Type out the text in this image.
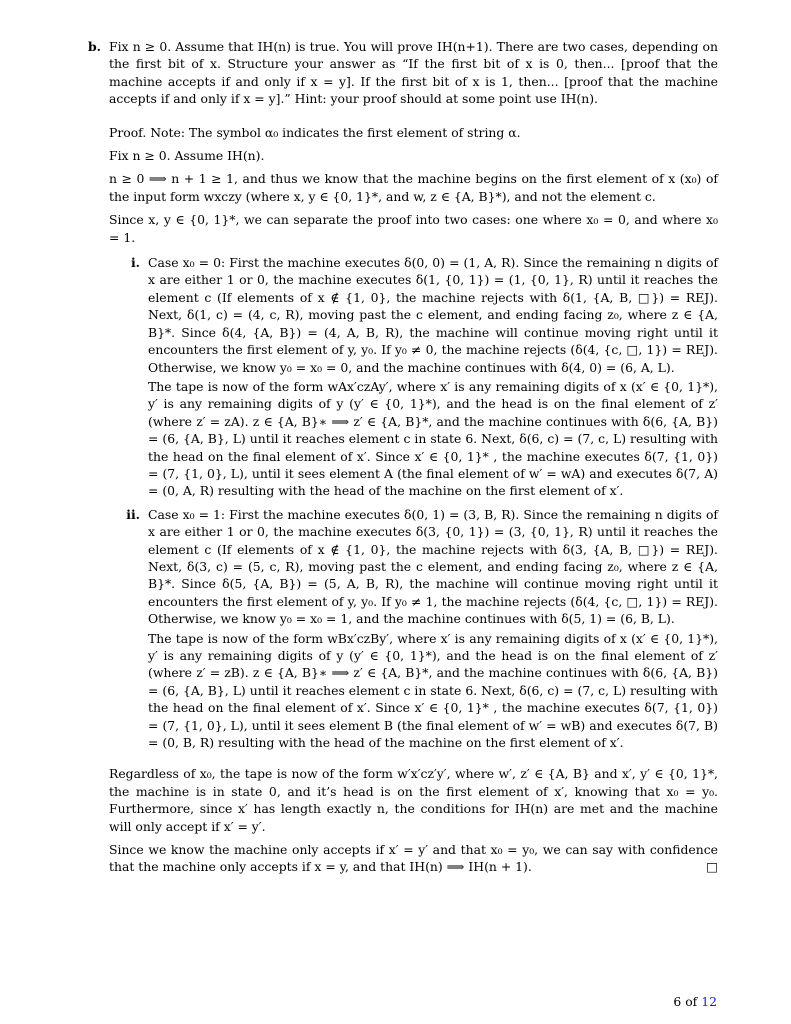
b. Fix n ≥ 0. Assume that IH(n) is true. You will prove IH(n+1). There are two cases, depending on the first bit of x. Structure your answer as “If the first bit of x is 0, then... [proof that the machine accepts if and only if x = y]. If the first bit of x is 1, then... [proof that the machine accepts if and only if x = y].” Hint: your proof should at some point use IH(n).

Proof. Note: The symbol α₀ indicates the first element of string α.

Fix n ≥ 0. Assume IH(n).

n ≥ 0 ⟹ n + 1 ≥ 1, and thus we know that the machine begins on the first element of x (x₀) of the input form wxczy (where x, y ∈ {0, 1}*, and w, z ∈ {A, B}*), and not the element c.

Since x, y ∈ {0, 1}*, we can separate the proof into two cases: one where x₀ = 0, and where x₀ = 1.

i. Case x₀ = 0: First the machine executes δ(0, 0) = (1, A, R). Since the remaining n digits of x are either 1 or 0, the machine executes δ(1, {0, 1}) = (1, {0, 1}, R) until it reaches the element c (If elements of x ∉ {1, 0}, the machine rejects with δ(1, {A, B, □}) = REJ). Next, δ(1, c) = (4, c, R), moving past the c element, and ending facing z₀, where z ∈ {A, B}*. Since δ(4, {A, B}) = (4, A, B, R), the machine will continue moving right until it encounters the first element of y, y₀. If y₀ ≠ 0, the machine rejects (δ(4, {c, □, 1}) = REJ). Otherwise, we know y₀ = x₀ = 0, and the machine continues with δ(4, 0) = (6, A, L).

The tape is now of the form wAx′czAy′, where x′ is any remaining digits of x (x′ ∈ {0, 1}*), y′ is any remaining digits of y (y′ ∈ {0, 1}*), and the head is on the final element of z′ (where z′ = zA). z ∈ {A, B}∗ ⟹ z′ ∈ {A, B}*, and the machine continues with δ(6, {A, B}) = (6, {A, B}, L) until it reaches element c in state 6. Next, δ(6, c) = (7, c, L) resulting with the head on the final element of x′. Since x′ ∈ {0, 1}* , the machine executes δ(7, {1, 0}) = (7, {1, 0}, L), until it sees element A (the final element of w′ = wA) and executes δ(7, A) = (0, A, R) resulting with the head of the machine on the first element of x′.

ii. Case x₀ = 1: First the machine executes δ(0, 1) = (3, B, R). Since the remaining n digits of x are either 1 or 0, the machine executes δ(3, {0, 1}) = (3, {0, 1}, R) until it reaches the element c (If elements of x ∉ {1, 0}, the machine rejects with δ(3, {A, B, □}) = REJ). Next, δ(3, c) = (5, c, R), moving past the c element, and ending facing z₀, where z ∈ {A, B}*. Since δ(5, {A, B}) = (5, A, B, R), the machine will continue moving right until it encounters the first element of y, y₀. If y₀ ≠ 1, the machine rejects (δ(4, {c, □, 1}) = REJ). Otherwise, we know y₀ = x₀ = 1, and the machine continues with δ(5, 1) = (6, B, L).

The tape is now of the form wBx′czBy′, where x′ is any remaining digits of x (x′ ∈ {0, 1}*), y′ is any remaining digits of y (y′ ∈ {0, 1}*), and the head is on the final element of z′ (where z′ = zB). z ∈ {A, B}∗ ⟹ z′ ∈ {A, B}*, and the machine continues with δ(6, {A, B}) = (6, {A, B}, L) until it reaches element c in state 6. Next, δ(6, c) = (7, c, L) resulting with the head on the final element of x′. Since x′ ∈ {0, 1}* , the machine executes δ(7, {1, 0}) = (7, {1, 0}, L), until it sees element B (the final element of w′ = wB) and executes δ(7, B) = (0, B, R) resulting with the head of the machine on the first element of x′.

Regardless of x₀, the tape is now of the form w′x′cz′y′, where w′, z′ ∈ {A, B} and x′, y′ ∈ {0, 1}*, the machine is in state 0, and it’s head is on the first element of x′, knowing that x₀ = y₀. Furthermore, since x′ has length exactly n, the conditions for IH(n) are met and the machine will only accept if x′ = y′.

Since we know the machine only accepts if x′ = y′ and that x₀ = y₀, we can say with confidence that the machine only accepts if x = y, and that IH(n) ⟹ IH(n + 1).	□
6 of 12
